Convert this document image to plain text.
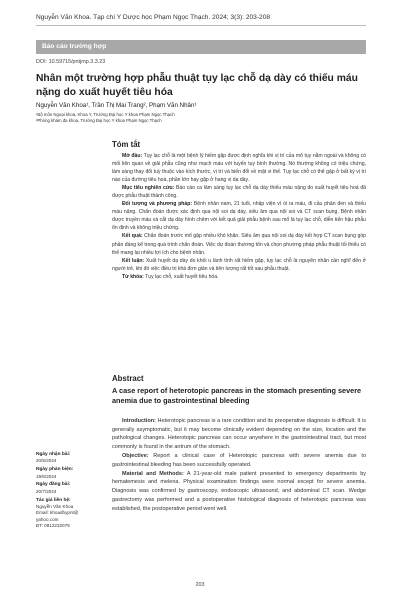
Nguyễn Văn Khoa. Tạp chí Y Dược học Phạm Ngọc Thạch. 2024; 3(3): 203-208
Báo cáo trường hợp
DOI: 10.59715/pntjmp.3.3.23
Nhân một trường hợp phẫu thuật tụy lạc chỗ dạ dày có thiếu máu nặng do xuất huyết tiêu hóa
Nguyễn Văn Khoa¹, Trần Thị Mai Trang², Phạm Văn Nhân¹
¹Bộ môn Ngoại khoa, Khoa Y, Trường Đại học Y khoa Phạm Ngọc Thạch
²Phòng khám đa khoa, Trường Đại học Y khoa Phạm Ngọc Thạch
Tóm tắt

Mở đầu: Tụy lạc chỗ là một bệnh lý hiếm gặp được định nghĩa khi vị trí của mô tụy nằm ngoài và không có mối liên quan về giải phẫu cũng như mạch máu với tuyến tụy bình thường. Nó thường không có triệu chứng, làm sàng thay đổi tuỳ thuộc vào kích thước, vị trí và biến đổi về mặt vi thể. Tụy lạc chỗ có thể gặp ở bất kỳ vị trí nào của đường tiêu hoá, phần lớn hay gặp ở hang vị dạ dày.

Mục tiêu nghiên cứu: Báo cáo ca lâm sàng tụy lạc chỗ dạ dày thiếu máu nặng do xuất huyết tiêu hoá đã được phẫu thuật thành công.

Đối tượng và phương pháp: Bệnh nhân nam, 21 tuổi, nhập viện vì ói ra máu, đi cầu phân đen và thiếu máu nặng. Chẩn đoán được xác định qua nội soi dạ dày, siêu âm qua nội soi và CT scan bụng. Bệnh nhân được truyền máu và cắt dạ dày hình chêm với kết quả giải phẫu bệnh sau mổ là tụy lạc chỗ, diễn tiến hậu phẫu ổn định và không triệu chứng.

Kết quả: Chẩn đoán trước mổ gặp nhiều khó khăn. Siêu âm qua nội soi dạ dày kết hợp CT scan bụng góp phần đáng kể trong quá trình chẩn đoán. Việc dự đoán thương tổn và chọn phương pháp phẫu thuật tối thiểu có thể mang lại nhiều lợi ích cho bệnh nhân.

Kết luận: Xuất huyết dạ dày do khối u lành tính rất hiếm gặp, tụy lạc chỗ là nguyên nhân cần nghĩ đến ở người trẻ, khi đó việc điều trị khá đơn giản và tiên lượng rất tốt sau phẫu thuật.

Từ khóa: Tụy lạc chỗ, xuất huyết tiêu hóa.

Abstract
A case report of heterotopic pancreas in the stomach presenting severe anemia due to gastrointestinal bleeding

Introduction: Heterotopic pancreas is a rare condition and its preoperative diagnosis is difficult. It is generally asymptomatic, but it may become clinically evident depending on the size, location and the pathological changes. Heterotopic pancreas can occur anywhere in the gastrointestinal tract, but most commonly is found in the antrum of the stomach.

Objective: Report a clinical case of Heterotopic pancreas with severe anemia due to gastrointestinal bleeding has been successfully operated.

Material and Methods: A 21-year-old male patient presented to emergency departments by hematemesis and melena. Physical examination findings were normal except for severe anemia. Diagnosis was confirmed by gastroscopy, endoscopic ultrasound, and abdominal CT scan. Wedge gastrectomy was performed and a postoperative histological diagnosis of heterotopic pancreas was established, the postoperative period went well.

Ngày nhận bài:
20/5/2024
Ngày phản biện:
19/6/2024
Ngày đăng bài:
20/7/2024
Tác giả liên hệ:
Nguyễn Văn Khoa
Email: khoadhypnt@
yahoo.com
ĐT: 0912232079
203
